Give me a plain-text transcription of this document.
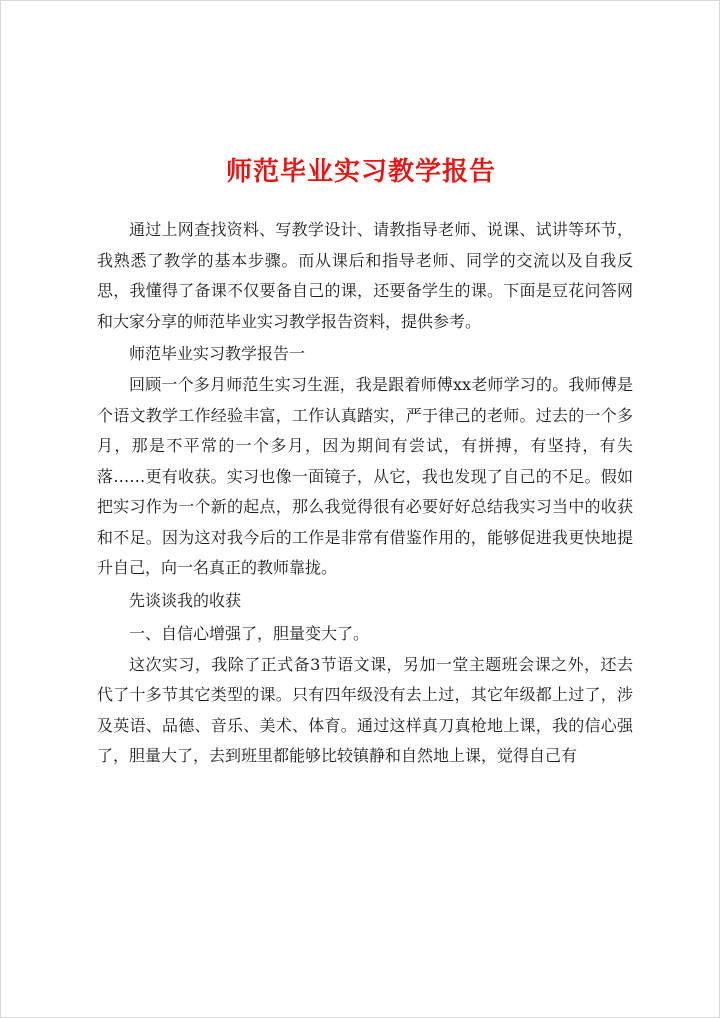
师范毕业实习教学报告

通过上网查找资料、写教学设计、请教指导老师、说课、试讲等环节，我熟悉了教学的基本步骤。而从课后和指导老师、同学的交流以及自我反思，我懂得了备课不仅要备自己的课，还要备学生的课。下面是豆花问答网和大家分享的师范毕业实习教学报告资料，提供参考。

师范毕业实习教学报告一

回顾一个多月师范生实习生涯，我是跟着师傅xx老师学习的。我师傅是个语文教学工作经验丰富，工作认真踏实，严于律己的老师。过去的一个多月，那是不平常的一个多月，因为期间有尝试，有拼搏，有坚持，有失落……更有收获。实习也像一面镜子，从它，我也发现了自己的不足。假如把实习作为一个新的起点，那么我觉得很有必要好好总结我实习当中的收获和不足。因为这对我今后的工作是非常有借鉴作用的，能够促进我更快地提升自己，向一名真正的教师靠拢。

先谈谈我的收获

一、自信心增强了，胆量变大了。

这次实习，我除了正式备3节语文课，另加一堂主题班会课之外，还去代了十多节其它类型的课。只有四年级没有去上过，其它年级都上过了，涉及英语、品德、音乐、美术、体育。通过这样真刀真枪地上课，我的信心强了，胆量大了，去到班里都能够比较镇静和自然地上课，觉得自己有
